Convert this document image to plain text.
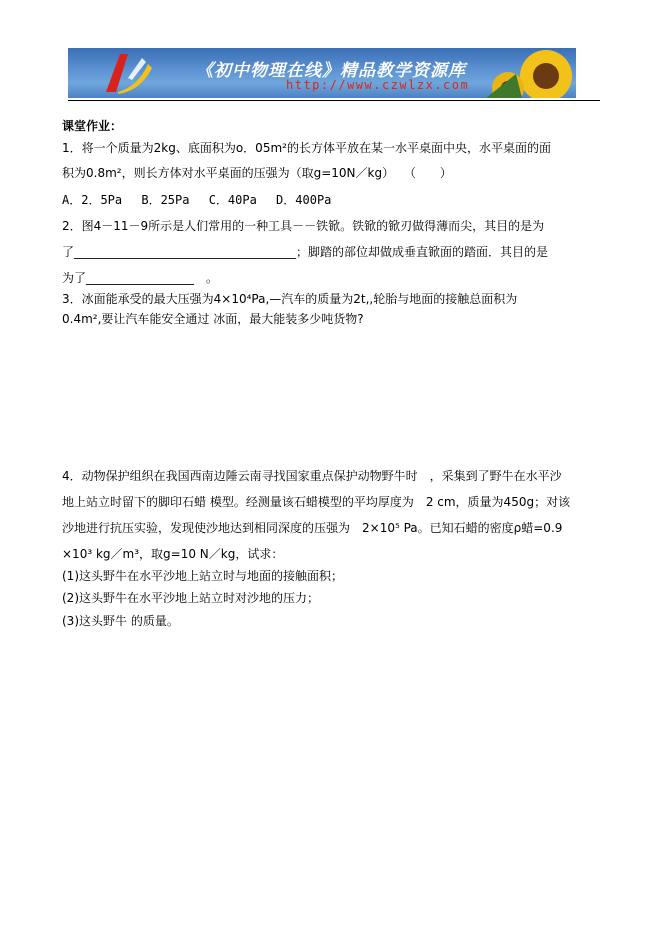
《初中物理在线》精品教学资源库
http://www.czwlzx.com
课堂作业：
1．将一个质量为2kg、底面积为o．05m²的长方体平放在某一水平桌面中央，水平桌面的面
积为0.8m²，则长方体对水平桌面的压强为（取g=10N／kg）　 （　　）
A．2．5Pa　 B．25Pa　 C．40Pa　 D．400Pa
2．图4－11－9所示是人们常用的一种工具－－铁锨。铁锨的锨刃做得薄而尖，其目的是为
了_____________________________________；脚踏的部位却做成垂直锨面的踏面．其目的是
为了__________________　。
3．冰面能承受的最大压强为4×10⁴Pa,—汽车的质量为2t,,轮胎与地面的接触总面积为
0.4m²,要让汽车能安全通过 冰面，最大能装多少吨货物?
4．动物保护组织在我国西南边陲云南寻找国家重点保护动物野牛时　，采集到了野牛在水平沙
地上站立时留下的脚印石蜡 模型。经测量该石蜡模型的平均厚度为　2 cm，质量为450g；对该
沙地进行抗压实验，发现使沙地达到相同深度的压强为　2×10⁵ Pa。已知石蜡的密度ρ蜡=0.9
×10³ kg／m³，取g=10 N／kg，试求：
(1)这头野牛在水平沙地上站立时与地面的接触面积；
(2)这头野牛在水平沙地上站立时对沙地的压力；
(3)这头野牛 的质量。
